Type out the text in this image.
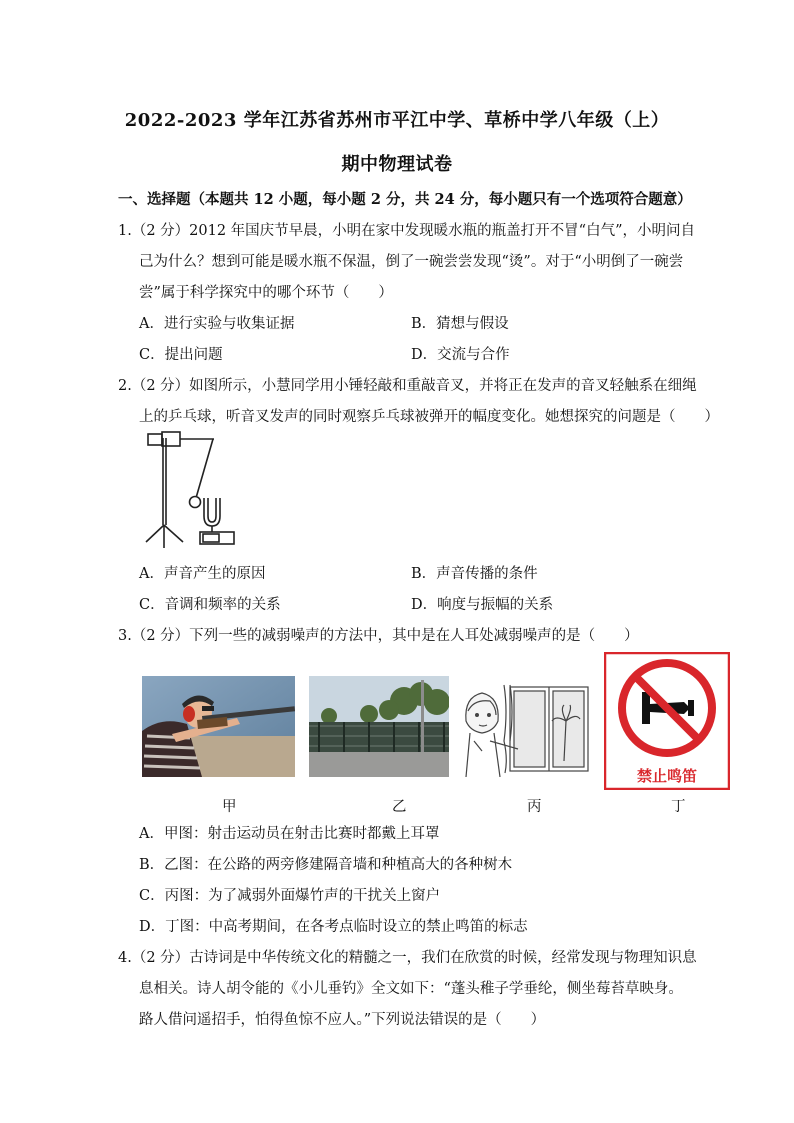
2022-2023 学年江苏省苏州市平江中学、草桥中学八年级（上）
期中物理试卷
一、选择题（本题共 12 小题，每小题 2 分，共 24 分，每小题只有一个选项符合题意）
1.（2 分）2012 年国庆节早晨，小明在家中发现暖水瓶的瓶盖打开不冒“白气”，小明问自
己为什么？想到可能是暖水瓶不保温，倒了一碗尝尝发现“烫”。对于“小明倒了一碗尝
尝”属于科学探究中的哪个环节（　　）
A．进行实验与收集证据	B．猜想与假设
C．提出问题	D．交流与合作
2.（2 分）如图所示，小慧同学用小锤轻敲和重敲音叉，并将正在发声的音叉轻触系在细绳
上的乒乓球，听音叉发声的同时观察乒乓球被弹开的幅度变化。她想探究的问题是（　　）
A．声音产生的原因	B．声音传播的条件
C．音调和频率的关系	D．响度与振幅的关系
3.（2 分）下列一些的减弱噪声的方法中，其中是在人耳处减弱噪声的是（　　）
禁止鸣笛
甲	乙	丙	丁
A．甲图：射击运动员在射击比赛时都戴上耳罩
B．乙图：在公路的两旁修建隔音墙和种植高大的各种树木
C．丙图：为了减弱外面爆竹声的干扰关上窗户
D．丁图：中高考期间，在各考点临时设立的禁止鸣笛的标志
4.（2 分）古诗词是中华传统文化的精髓之一，我们在欣赏的时候，经常发现与物理知识息
息相关。诗人胡令能的《小儿垂钓》全文如下：“蓬头稚子学垂纶，侧坐莓苔草映身。
路人借问遥招手，怕得鱼惊不应人。”下列说法错误的是（　　）
